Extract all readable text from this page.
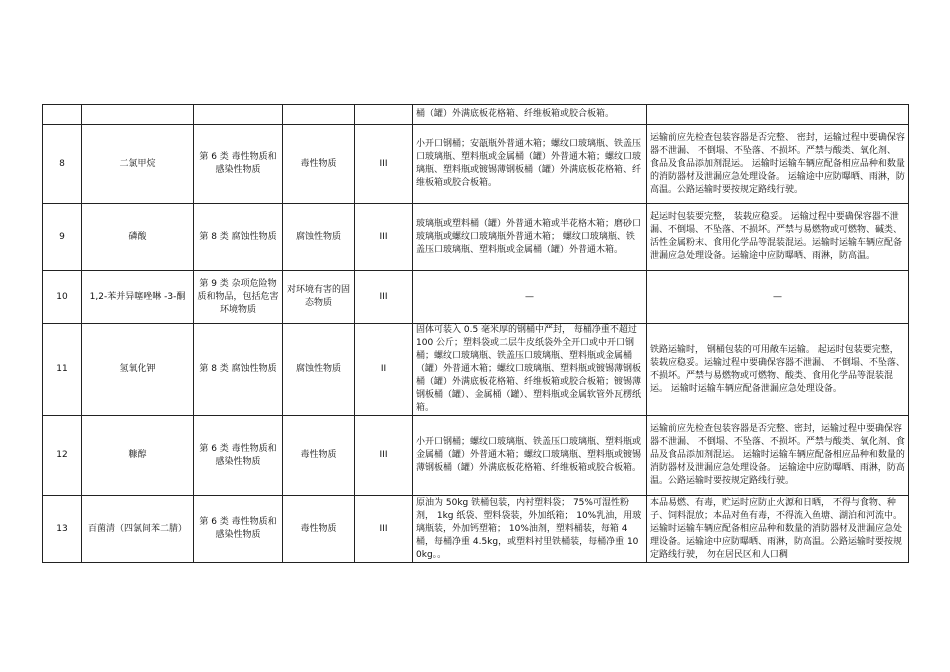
					桶（罐）外满底板花格箱、纤维板箱或胶合板箱。	
8	二氯甲烷	第 6 类 毒性物质和感染性物质	毒性物质	III	小开口钢桶；安瓿瓶外普通木箱；螺纹口玻璃瓶、铁盖压口玻璃瓶、塑料瓶或金属桶（罐）外普通木箱；螺纹口玻璃瓶、塑料瓶或镀锡薄钢板桶（罐）外满底板花格箱、纤维板箱或胶合板箱。	运输前应先检查包装容器是否完整、 密封，运输过程中要确保容器不泄漏、 不倒塌、不坠落、不损坏。严禁与酸类、氧化剂、 食品及食品添加剂混运。 运输时运输车辆应配备相应品种和数量的消防器材及泄漏应急处理设备。 运输途中应防曝晒、雨淋，防高温。公路运输时要按规定路线行驶。
9	磷酸	第 8 类 腐蚀性物质	腐蚀性物质	III	玻璃瓶或塑料桶（罐）外普通木箱或半花格木箱；磨砂口玻璃瓶或螺纹口玻璃瓶外普通木箱； 螺纹口玻璃瓶、铁盖压口玻璃瓶、塑料瓶或金属桶（罐）外普通木箱。	起运时包装要完整， 装载应稳妥。 运输过程中要确保容器不泄漏、不倒塌、不坠落、不损坏。严禁与易燃物或可燃物、碱类、活性金属粉末、食用化学品等混装混运。运输时运输车辆应配备泄漏应急处理设备。运输途中应防曝晒、雨淋，防高温。
10	1,2-苯并异噻唑啉 -3-酮	第 9 类 杂项危险物质和物品，包括危害环境物质	对环境有害的固态物质	III	—	—
11	氢氧化钾	第 8 类 腐蚀性物质	腐蚀性物质	II	固体可装入 0.5 毫米厚的钢桶中严封， 每桶净重不超过 100 公斤；塑料袋或二层牛皮纸袋外全开口或中开口钢桶；螺纹口玻璃瓶、铁盖压口玻璃瓶、塑料瓶或金属桶（罐）外普通木箱；螺纹口玻璃瓶、塑料瓶或镀锡薄钢板桶（罐）外满底板花格箱、纤维板箱或胶合板箱；镀锡薄钢板桶（罐）、金属桶（罐）、塑料瓶或金属软管外瓦楞纸箱。	铁路运输时， 钢桶包装的可用敞车运输。 起运时包装要完整，装载应稳妥。运输过程中要确保容器不泄漏、 不倒塌、不坠落、不损坏。严禁与易燃物或可燃物、酸类、食用化学品等混装混运。 运输时运输车辆应配备泄漏应急处理设备。
12	糠醇	第 6 类 毒性物质和感染性物质	毒性物质	III	小开口钢桶；螺纹口玻璃瓶、铁盖压口玻璃瓶、塑料瓶或金属桶（罐）外普通木箱；螺纹口玻璃瓶、塑料瓶或镀锡薄钢板桶（罐）外满底板花格箱、纤维板箱或胶合板箱。	运输前应先检查包装容器是否完整、密封，运输过程中要确保容器不泄漏、 不倒塌、不坠落、不损坏。严禁与酸类、氧化剂、食品及食品添加剂混运。 运输时运输车辆应配备相应品种和数量的消防器材及泄漏应急处理设备。 运输途中应防曝晒、雨淋，防高温。公路运输时要按规定路线行驶。
13	百菌清（四氯间苯二腈）	第 6 类 毒性物质和感染性物质	毒性物质	III	原油为 50kg 铁桶包装，内衬塑料袋； 75%可湿性粉剂， 1kg 纸袋、塑料袋装，外加纸箱； 10%乳油，用玻璃瓶装，外加钙塑箱； 10%油剂，塑料桶装，每箱 4 桶，每桶净重 4.5kg，或塑料衬里铁桶装，每桶净重 100kg。。	本品易燃、有毒，贮运时应防止火源和日晒， 不得与食物、种子、饲料混放；本品对鱼有毒，不得流入鱼塘、湖泊和河流中。运输时运输车辆应配备相应品种和数量的消防器材及泄漏应急处理设备。运输途中应防曝晒、雨淋，防高温。公路运输时要按规定路线行驶， 勿在居民区和人口稠
